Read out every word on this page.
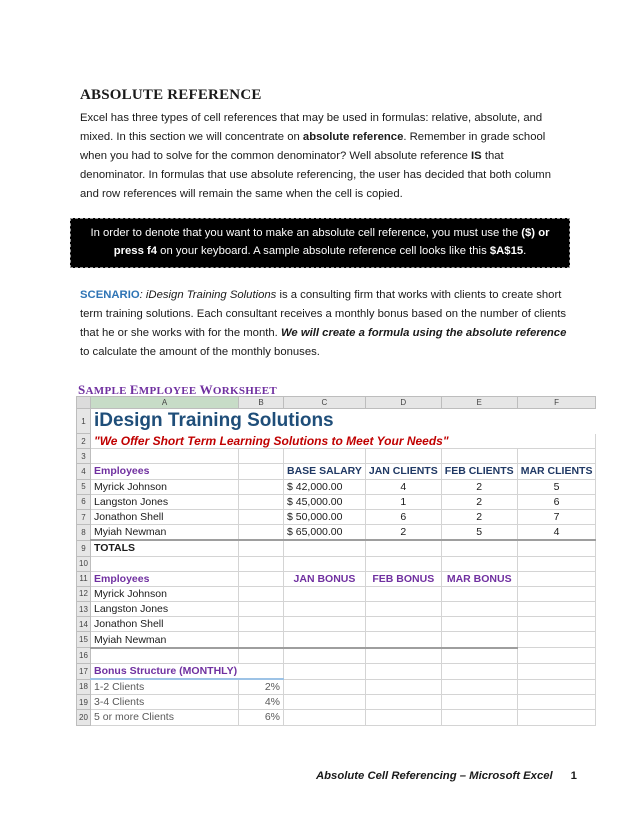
ABSOLUTE REFERENCE
Excel has three types of cell references that may be used in formulas: relative, absolute, and mixed. In this section we will concentrate on absolute reference. Remember in grade school when you had to solve for the common denominator? Well absolute reference IS that denominator. In formulas that use absolute referencing, the user has decided that both column and row references will remain the same when the cell is copied.
In order to denote that you want to make an absolute cell reference, you must use the ($) or press f4 on your keyboard. A sample absolute reference cell looks like this $A$15.
SCENARIO: iDesign Training Solutions is a consulting firm that works with clients to create short term training solutions. Each consultant receives a monthly bonus based on the number of clients that he or she works with for the month. We will create a formula using the absolute reference to calculate the amount of the monthly bonuses.
SAMPLE EMPLOYEE WORKSHEET
	A	B	C	D	E	F
1	iDesign Training Solutions					
2	"We Offer Short Term Learning Solutions to Meet Your Needs"					
3						
4	Employees		BASE SALARY	JAN CLIENTS	FEB CLIENTS	MAR CLIENTS
5	Myrick Johnson		$ 42,000.00	4	2	5
6	Langston Jones		$ 45,000.00	1	2	6
7	Jonathon Shell		$ 50,000.00	6	2	7
8	Myiah Newman		$ 65,000.00	2	5	4
9	TOTALS					
10						
11	Employees		JAN BONUS	FEB BONUS	MAR BONUS	
12	Myrick Johnson					
13	Langston Jones					
14	Jonathon Shell					
15	Myiah Newman					
16						
17	Bonus Structure (MONTHLY)					
18	1-2 Clients	2%				
19	3-4 Clients	4%				
20	5 or more Clients	6%				
Absolute Cell Referencing – Microsoft Excel 1
